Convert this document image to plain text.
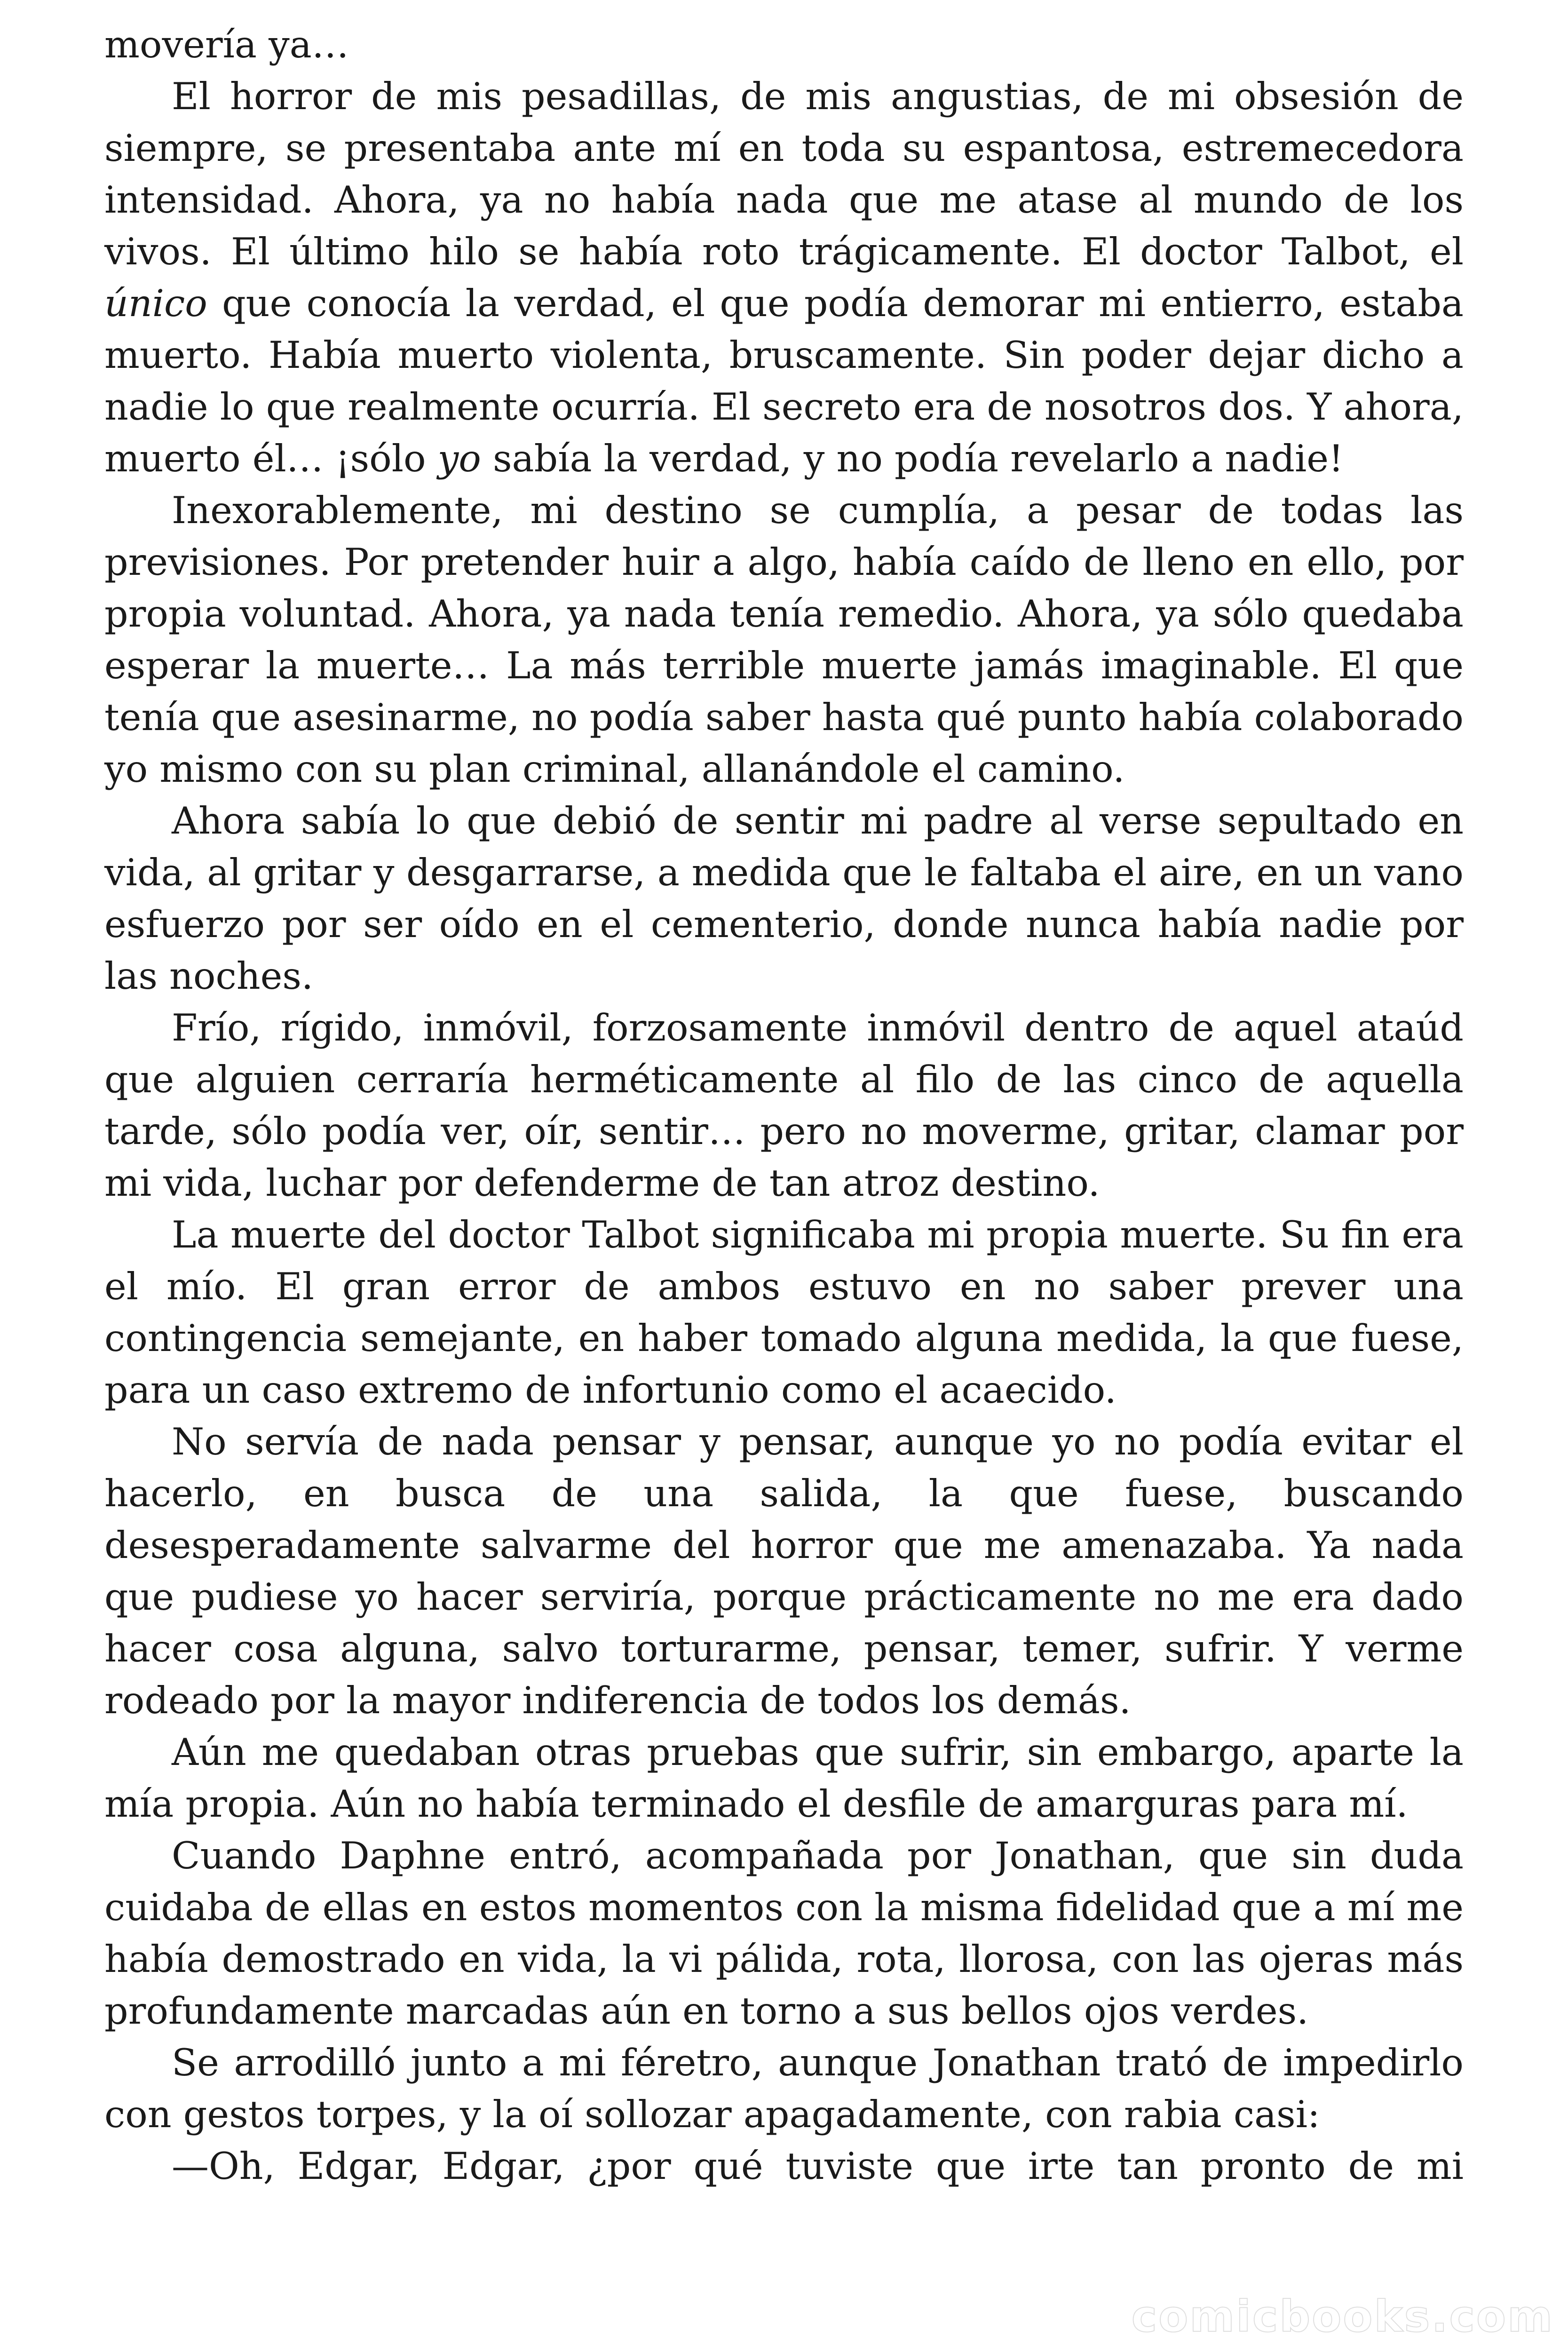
movería ya…

El horror de mis pesadillas, de mis angustias, de mi obsesión de siempre, se presentaba ante mí en toda su espantosa, estremecedora intensidad. Ahora, ya no había nada que me atase al mundo de los vivos. El último hilo se había roto trágicamente. El doctor Talbot, el único que conocía la verdad, el que podía demorar mi entierro, estaba muerto. Había muerto violenta, bruscamente. Sin poder dejar dicho a nadie lo que realmente ocurría. El secreto era de nosotros dos. Y ahora, muerto él… ¡sólo yo sabía la verdad, y no podía revelarlo a nadie!

Inexorablemente, mi destino se cumplía, a pesar de todas las previsiones. Por pretender huir a algo, había caído de lleno en ello, por propia voluntad. Ahora, ya nada tenía remedio. Ahora, ya sólo quedaba esperar la muerte… La más terrible muerte jamás imaginable. El que tenía que asesinarme, no podía saber hasta qué punto había colaborado yo mismo con su plan criminal, allanándole el camino.

Ahora sabía lo que debió de sentir mi padre al verse sepultado en vida, al gritar y desgarrarse, a medida que le faltaba el aire, en un vano esfuerzo por ser oído en el cementerio, donde nunca había nadie por las noches.

Frío, rígido, inmóvil, forzosamente inmóvil dentro de aquel ataúd que alguien cerraría herméticamente al filo de las cinco de aquella tarde, sólo podía ver, oír, sentir… pero no moverme, gritar, clamar por mi vida, luchar por defenderme de tan atroz destino.

La muerte del doctor Talbot significaba mi propia muerte. Su fin era el mío. El gran error de ambos estuvo en no saber prever una contingencia semejante, en haber tomado alguna medida, la que fuese, para un caso extremo de infortunio como el acaecido.

No servía de nada pensar y pensar, aunque yo no podía evitar el hacerlo, en busca de una salida, la que fuese, buscando desesperadamente salvarme del horror que me amenazaba. Ya nada que pudiese yo hacer serviría, porque prácticamente no me era dado hacer cosa alguna, salvo torturarme, pensar, temer, sufrir. Y verme rodeado por la mayor indiferencia de todos los demás.

Aún me quedaban otras pruebas que sufrir, sin embargo, aparte la mía propia. Aún no había terminado el desfile de amarguras para mí.

Cuando Daphne entró, acompañada por Jonathan, que sin duda cuidaba de ellas en estos momentos con la misma fidelidad que a mí me había demostrado en vida, la vi pálida, rota, llorosa, con las ojeras más profundamente marcadas aún en torno a sus bellos ojos verdes.

Se arrodilló junto a mi féretro, aunque Jonathan trató de impedirlo con gestos torpes, y la oí sollozar apagadamente, con rabia casi:

—Oh, Edgar, Edgar, ¿por qué tuviste que irte tan pronto de mi

comicbooks.com
